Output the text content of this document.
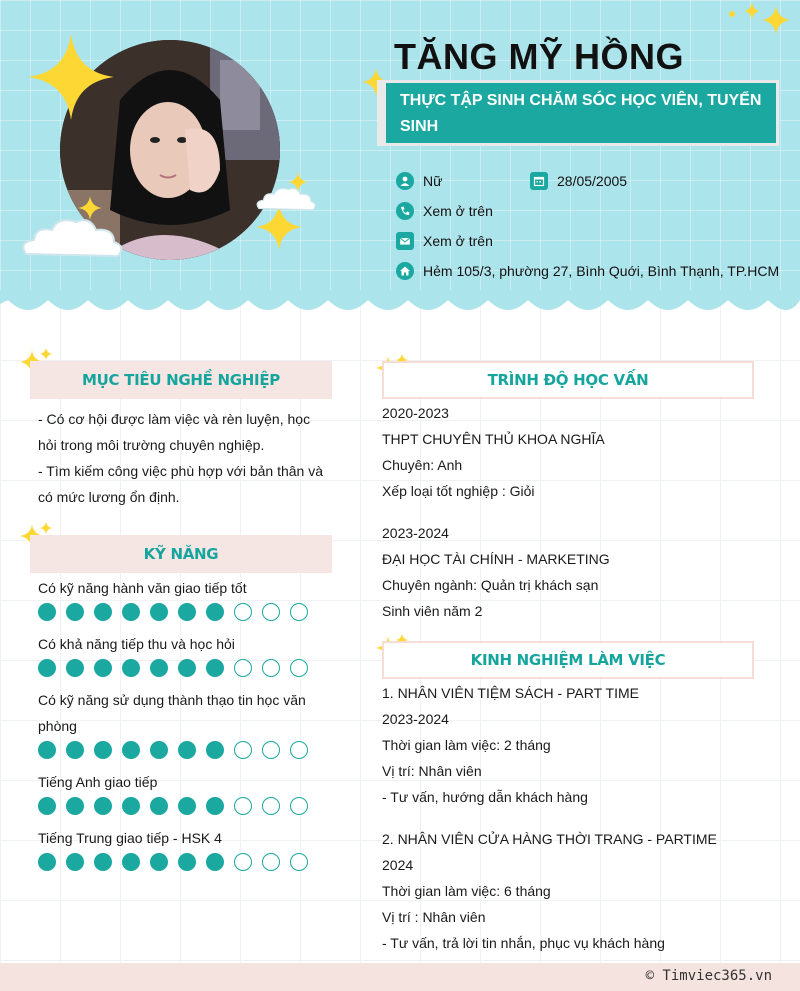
TĂNG MỸ HỒNG
THỰC TẬP SINH CHĂM SÓC HỌC VIÊN, TUYỂN SINH
Nữ	28/05/2005
Xem ở trên
Xem ở trên
Hẻm 105/3, phường 27, Bình Quới, Bình Thạnh, TP.HCM
MỤC TIÊU NGHỀ NGHIỆP

- Có cơ hội được làm việc và rèn luyện, học hỏi trong môi trường chuyên nghiệp.

- Tìm kiếm công việc phù hợp với bản thân và có mức lương ổn định.

KỸ NĂNG
Có kỹ năng hành văn giao tiếp tốt
Có khả năng tiếp thu và học hỏi
Có kỹ năng sử dụng thành thạo tin học văn phòng
Tiếng Anh giao tiếp
Tiếng Trung giao tiếp - HSK 4
TRÌNH ĐỘ HỌC VẤN

2020-2023

THPT CHUYÊN THỦ KHOA NGHĨA

Chuyên: Anh

Xếp loại tốt nghiệp : Giỏi

2023-2024

ĐẠI HỌC TÀI CHÍNH - MARKETING

Chuyên ngành: Quản trị khách sạn

Sinh viên năm 2

KINH NGHIỆM LÀM VIỆC

1. NHÂN VIÊN TIỆM SÁCH - PART TIME

2023-2024

Thời gian làm việc: 2 tháng

Vị trí: Nhân viên

- Tư vấn, hướng dẫn khách hàng

2. NHÂN VIÊN CỬA HÀNG THỜI TRANG - PARTIME

2024

Thời gian làm việc: 6 tháng

Vị trí : Nhân viên

- Tư vấn, trả lời tin nhắn, phục vụ khách hàng

© Timviec365.vn
